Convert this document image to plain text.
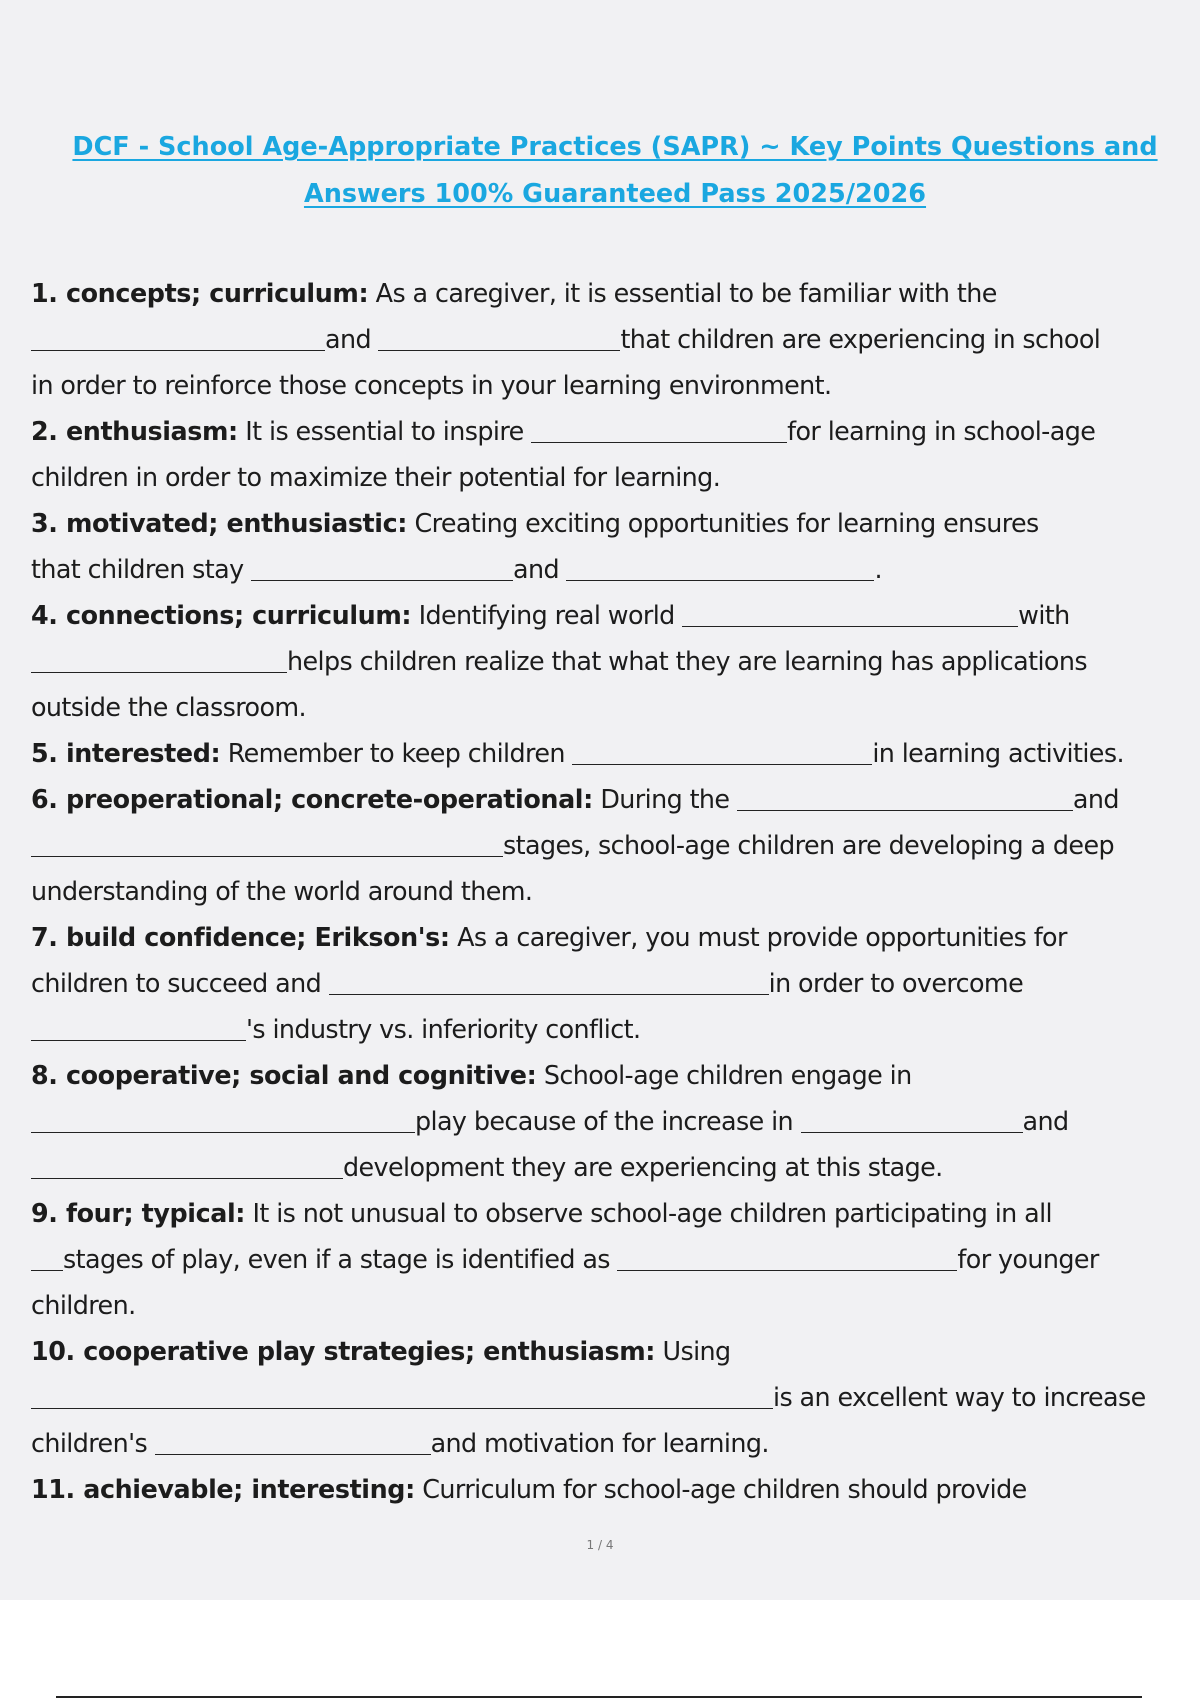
DCF - School Age-Appropriate Practices (SAPR) ~ Key Points Questions and
Answers 100% Guaranteed Pass 2025/2026
1. concepts; curriculum: As a caregiver, it is essential to be familiar with the
and	that children are experiencing in school
in order to reinforce those concepts in your learning environment.
2. enthusiasm: It is essential to inspire	for learning in school-age
children in order to maximize their potential for learning.
3. motivated; enthusiastic: Creating exciting opportunities for learning ensures
that children stay	and	.
4. connections; curriculum: Identifying real world	with
helps children realize that what they are learning has applications
outside the classroom.
5. interested: Remember to keep children	in learning activities.
6. preoperational; concrete-operational: During the	and
stages, school-age children are developing a deep
understanding of the world around them.
7. build confidence; Erikson's: As a caregiver, you must provide opportunities for
children to succeed and	in order to overcome
's industry vs. inferiority conflict.
8. cooperative; social and cognitive: School-age children engage in
play because of the increase in	and
development they are experiencing at this stage.
9. four; typical: It is not unusual to observe school-age children participating in all
stages of play, even if a stage is identified as	for younger
children.
10. cooperative play strategies; enthusiasm: Using
is an excellent way to increase
children's	and motivation for learning.
11. achievable; interesting: Curriculum for school-age children should provide
1 / 4
